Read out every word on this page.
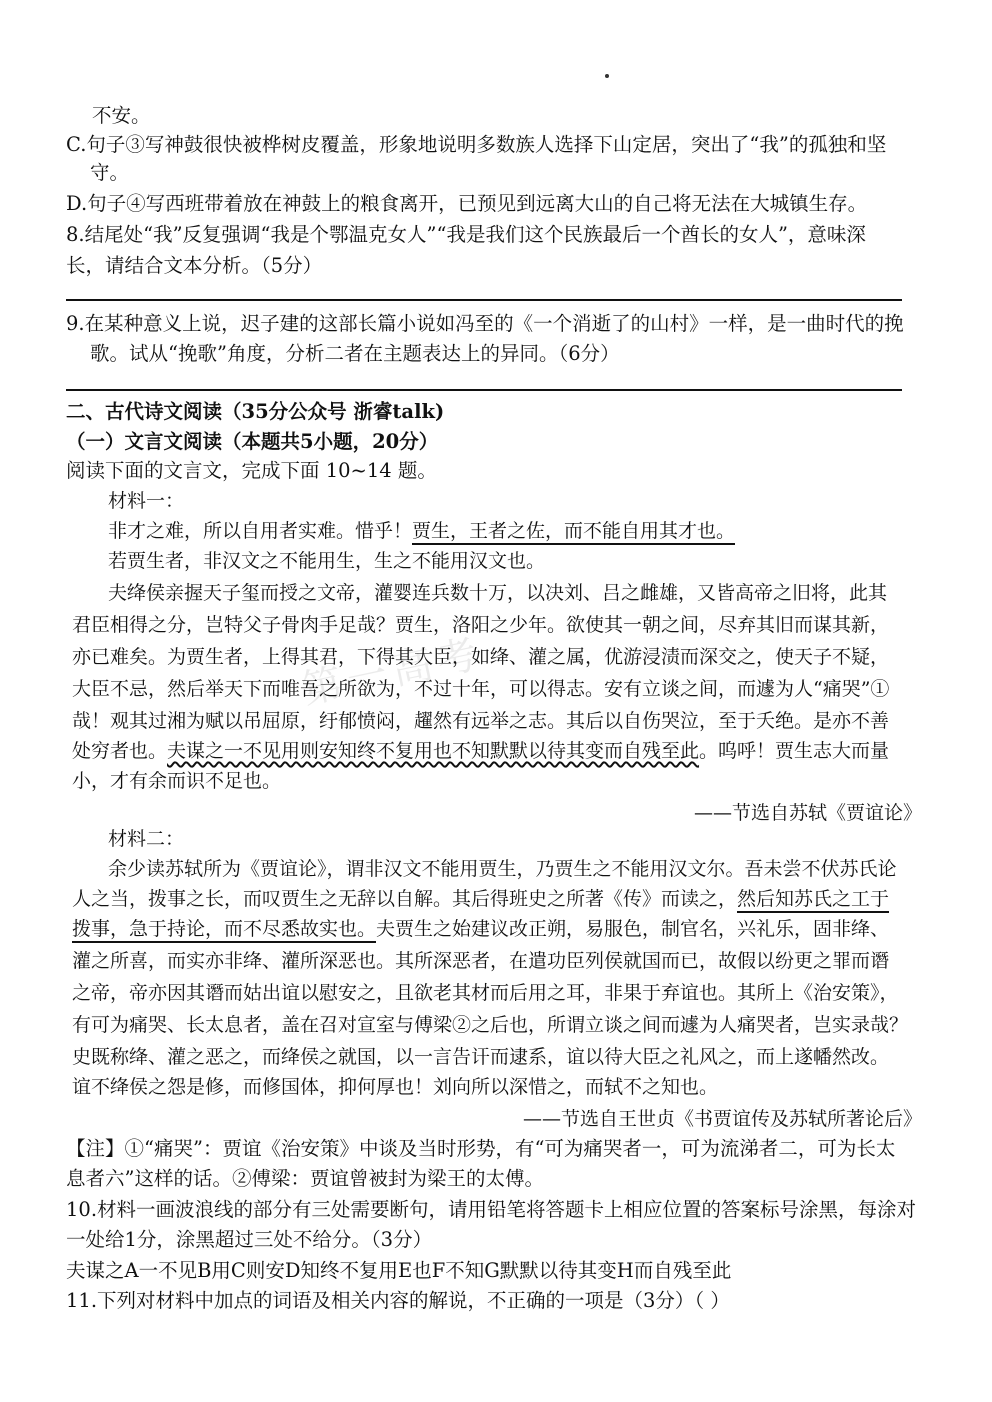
第一高考
不安。
C.句子③写神鼓很快被桦树皮覆盖，形象地说明多数族人选择下山定居，突出了“我”的孤独和坚
守。
D.句子④写西班带着放在神鼓上的粮食离开，已预见到远离大山的自己将无法在大城镇生存。
8.结尾处“我”反复强调“我是个鄂温克女人”“我是我们这个民族最后一个酋长的女人”，意味深
长，请结合文本分析。（5分）
9.在某种意义上说，迟子建的这部长篇小说如冯至的《一个消逝了的山村》一样，是一曲时代的挽
歌。试从“挽歌”角度，分析二者在主题表达上的异同。（6分）
二、古代诗文阅读（35分公众号 浙睿talk)
（一）文言文阅读（本题共5小题，20分）
阅读下面的文言文，完成下面 10~14 题。
材料一：
非才之难，所以自用者实难。惜乎！贾生，王者之佐，而不能自用其才也。
若贾生者，非汉文之不能用生，生之不能用汉文也。
夫绛侯亲握天子玺而授之文帝，灌婴连兵数十万，以决刘、吕之雌雄，又皆高帝之旧将，此其
君臣相得之分，岂特父子骨肉手足哉？贾生，洛阳之少年。欲使其一朝之间，尽弃其旧而谋其新，
亦已难矣。为贾生者，上得其君，下得其大臣，如绛、灌之属，优游浸渍而深交之，使天子不疑，
大臣不忌，然后举天下而唯吾之所欲为，不过十年，可以得志。安有立谈之间，而遽为人“痛哭”①
哉！观其过湘为赋以吊屈原，纡郁愤闷，趯然有远举之志。其后以自伤哭泣，至于夭绝。是亦不善
处穷者也。夫谋之一不见用则安知终不复用也不知默默以待其变而自残至此。呜呼！贾生志大而量
小，才有余而识不足也。
——节选自苏轼《贾谊论》
材料二：
余少读苏轼所为《贾谊论》，谓非汉文不能用贾生，乃贾生之不能用汉文尔。吾未尝不伏苏氏论
人之当，拨事之长，而叹贾生之无辞以自解。其后得班史之所著《传》而读之，然后知苏氏之工于
拨事，急于持论，而不尽悉故实也。夫贾生之始建议改正朔，易服色，制官名，兴礼乐，固非绛、
灌之所喜，而实亦非绛、灌所深恶也。其所深恶者，在遣功臣列侯就国而已，故假以纷更之罪而谮
之帝，帝亦因其谮而姑出谊以慰安之，且欲老其材而后用之耳，非果于弃谊也。其所上《治安策》，
有可为痛哭、长太息者，盖在召对宣室与傅梁②之后也，所谓立谈之间而遽为人痛哭者，岂实录哉？
史既称绛、灌之恶之，而绛侯之就国，以一言告讦而逮系，谊以待大臣之礼风之，而上遂幡然改。
谊不绛侯之怨是修，而修国体，抑何厚也！刘向所以深惜之，而轼不之知也。
——节选自王世贞《书贾谊传及苏轼所著论后》
【注】①“痛哭”：贾谊《治安策》中谈及当时形势，有“可为痛哭者一，可为流涕者二，可为长太
息者六”这样的话。②傅梁：贾谊曾被封为梁王的太傅。
10.材料一画波浪线的部分有三处需要断句，请用铅笔将答题卡上相应位置的答案标号涂黑，每涂对
一处给1分，涂黑超过三处不给分。（3分）
夫谋之A一不见B用C则安D知终不复用E也F不知G默默以待其变H而自残至此
11.下列对材料中加点的词语及相关内容的解说，不正确的一项是（3分）（ ）
